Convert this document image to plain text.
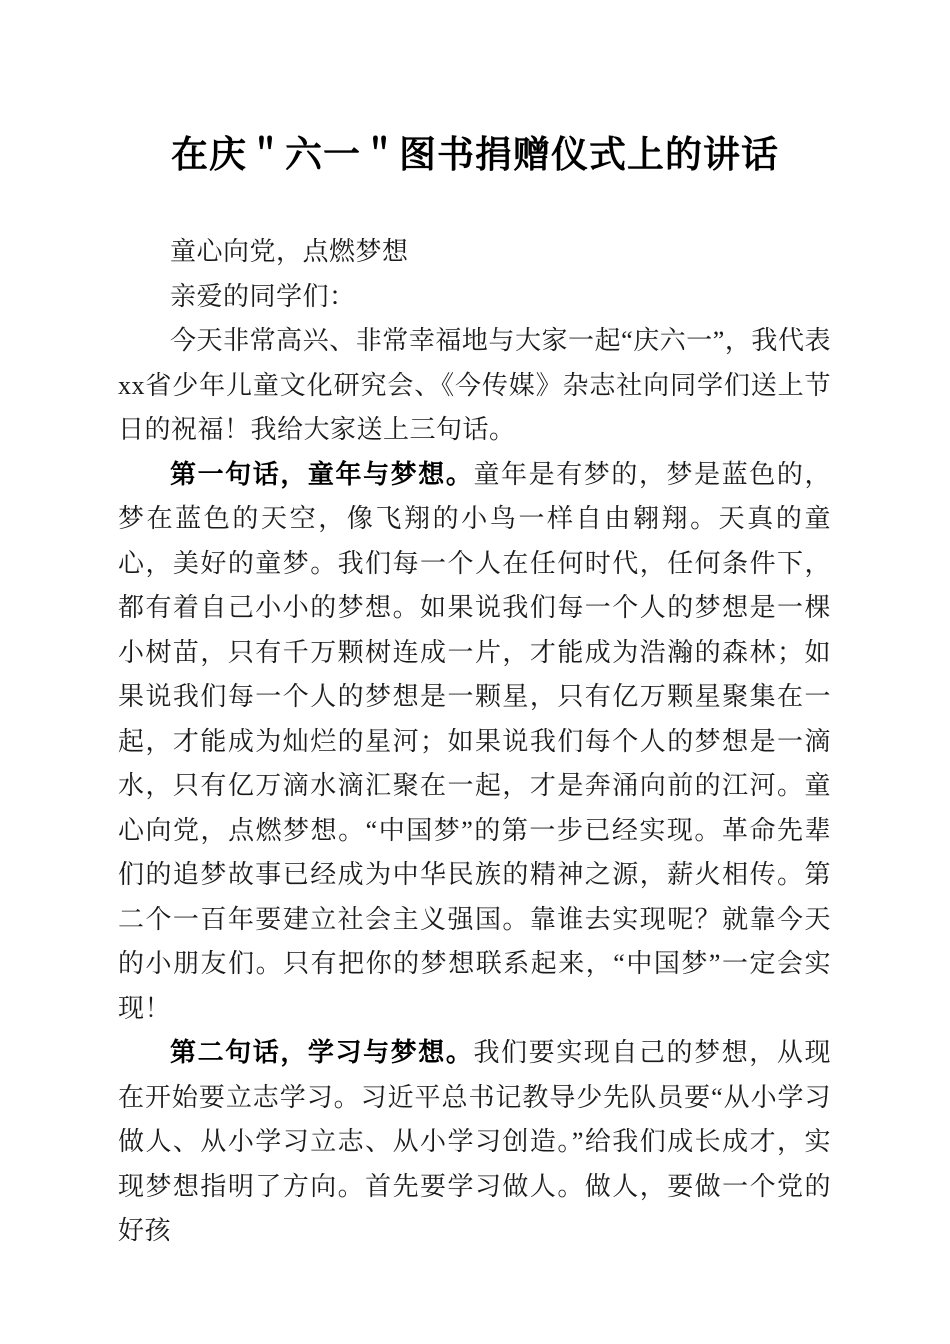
在庆＂六一＂图书捐赠仪式上的讲话

童心向党，点燃梦想

亲爱的同学们：

今天非常高兴、非常幸福地与大家一起“庆六一”，我代表xx省少年儿童文化研究会、《今传媒》杂志社向同学们送上节日的祝福！我给大家送上三句话。

第一句话，童年与梦想。童年是有梦的，梦是蓝色的，梦在蓝色的天空，像飞翔的小鸟一样自由翱翔。天真的童心，美好的童梦。我们每一个人在任何时代，任何条件下，都有着自己小小的梦想。如果说我们每一个人的梦想是一棵小树苗，只有千万颗树连成一片，才能成为浩瀚的森林；如果说我们每一个人的梦想是一颗星，只有亿万颗星聚集在一起，才能成为灿烂的星河；如果说我们每个人的梦想是一滴水，只有亿万滴水滴汇聚在一起，才是奔涌向前的江河。童心向党，点燃梦想。“中国梦”的第一步已经实现。革命先辈们的追梦故事已经成为中华民族的精神之源，薪火相传。第二个一百年要建立社会主义强国。靠谁去实现呢？就靠今天的小朋友们。只有把你的梦想联系起来，“中国梦”一定会实现！

第二句话，学习与梦想。我们要实现自己的梦想，从现在开始要立志学习。习近平总书记教导少先队员要“从小学习做人、从小学习立志、从小学习创造。”给我们成长成才，实现梦想指明了方向。首先要学习做人。做人，要做一个党的好孩
